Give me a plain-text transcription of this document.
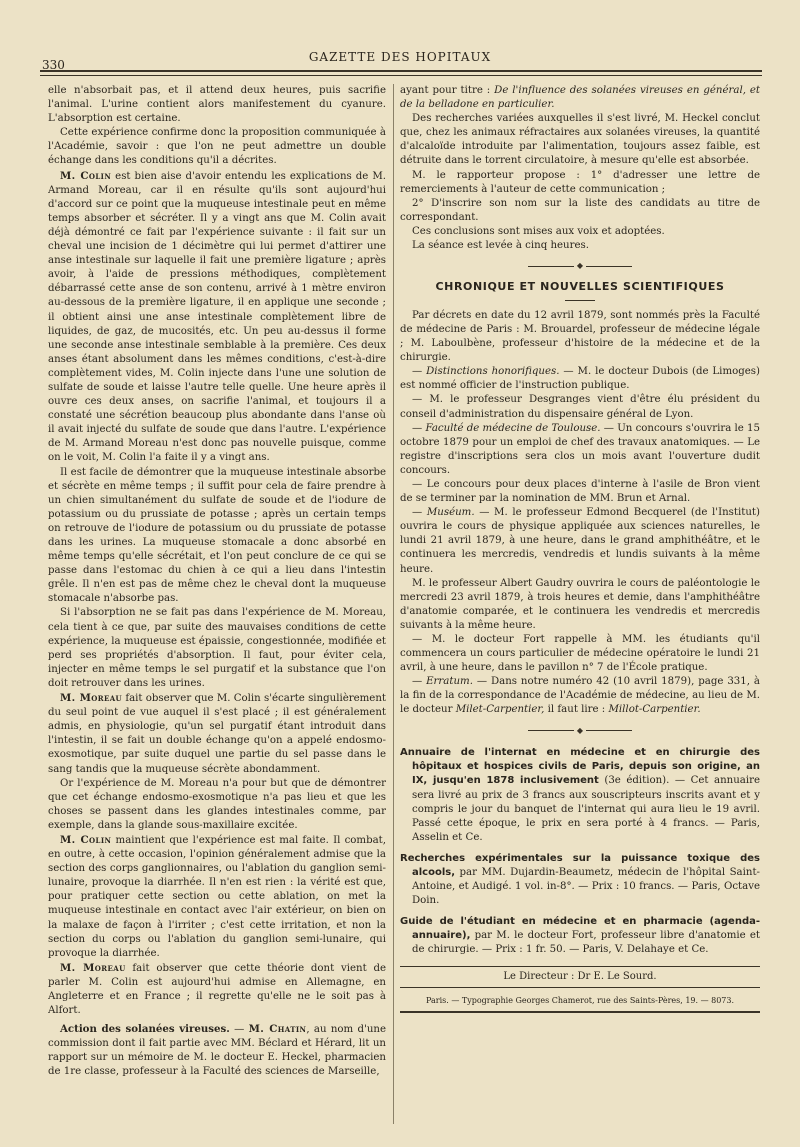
GAZETTE DES HOPITAUX
330

elle n'absorbait pas, et il attend deux heures, puis sacrifie l'animal. L'urine contient alors manifestement du cyanure. L'absorption est certaine.

Cette expérience confirme donc la proposition communiquée à l'Académie, savoir : que l'on ne peut admettre un double échange dans les conditions qu'il a décrites.

M. Colin est bien aise d'avoir entendu les explications de M. Armand Moreau, car il en résulte qu'ils sont aujourd'hui d'accord sur ce point que la muqueuse intestinale peut en même temps absorber et sécréter. Il y a vingt ans que M. Colin avait déjà démontré ce fait par l'expérience suivante : il fait sur un cheval une incision de 1 décimètre qui lui permet d'attirer une anse intestinale sur laquelle il fait une première ligature ; après avoir, à l'aide de pressions méthodiques, complètement débarrassé cette anse de son contenu, arrivé à 1 mètre environ au-dessous de la première ligature, il en applique une seconde ; il obtient ainsi une anse intestinale complètement libre de liquides, de gaz, de mucosités, etc. Un peu au-dessus il forme une seconde anse intestinale semblable à la première. Ces deux anses étant absolument dans les mêmes conditions, c'est-à-dire complètement vides, M. Colin injecte dans l'une une solution de sulfate de soude et laisse l'autre telle quelle. Une heure après il ouvre ces deux anses, on sacrifie l'animal, et toujours il a constaté une sécrétion beaucoup plus abondante dans l'anse où il avait injecté du sulfate de soude que dans l'autre. L'expérience de M. Armand Moreau n'est donc pas nouvelle puisque, comme on le voit, M. Colin l'a faite il y a vingt ans.

Il est facile de démontrer que la muqueuse intestinale absorbe et sécrète en même temps ; il suffit pour cela de faire prendre à un chien simultanément du sulfate de soude et de l'iodure de potassium ou du prussiate de potasse ; après un certain temps on retrouve de l'iodure de potassium ou du prussiate de potasse dans les urines. La muqueuse stomacale a donc absorbé en même temps qu'elle sécrétait, et l'on peut conclure de ce qui se passe dans l'estomac du chien à ce qui a lieu dans l'intestin grêle. Il n'en est pas de même chez le cheval dont la muqueuse stomacale n'absorbe pas.

Si l'absorption ne se fait pas dans l'expérience de M. Moreau, cela tient à ce que, par suite des mauvaises conditions de cette expérience, la muqueuse est épaissie, congestionnée, modifiée et perd ses propriétés d'absorption. Il faut, pour éviter cela, injecter en même temps le sel purgatif et la substance que l'on doit retrouver dans les urines.

M. Moreau fait observer que M. Colin s'écarte singulièrement du seul point de vue auquel il s'est placé ; il est généralement admis, en physiologie, qu'un sel purgatif étant introduit dans l'intestin, il se fait un double échange qu'on a appelé endosmo-exosmotique, par suite duquel une partie du sel passe dans le sang tandis que la muqueuse sécrète abondamment.

Or l'expérience de M. Moreau n'a pour but que de démontrer que cet échange endosmo-exosmotique n'a pas lieu et que les choses se passent dans les glandes intestinales comme, par exemple, dans la glande sous-maxillaire excitée.

M. Colin maintient que l'expérience est mal faite. Il combat, en outre, à cette occasion, l'opinion généralement admise que la section des corps ganglionnaires, ou l'ablation du ganglion semi-lunaire, provoque la diarrhée. Il n'en est rien : la vérité est que, pour pratiquer cette section ou cette ablation, on met la muqueuse intestinale en contact avec l'air extérieur, on bien on la malaxe de façon à l'irriter ; c'est cette irritation, et non la section du corps ou l'ablation du ganglion semi-lunaire, qui provoque la diarrhée.

M. Moreau fait observer que cette théorie dont vient de parler M. Colin est aujourd'hui admise en Allemagne, en Angleterre et en France ; il regrette qu'elle ne le soit pas à Alfort.

Action des solanées vireuses. — M. Chatin, au nom d'une commission dont il fait partie avec MM. Béclard et Hérard, lit un rapport sur un mémoire de M. le docteur E. Heckel, pharmacien de 1re classe, professeur à la Faculté des sciences de Marseille,

ayant pour titre : De l'influence des solanées vireuses en général, et de la belladone en particulier.

Des recherches variées auxquelles il s'est livré, M. Heckel conclut que, chez les animaux réfractaires aux solanées vireuses, la quantité d'alcaloïde introduite par l'alimentation, toujours assez faible, est détruite dans le torrent circulatoire, à mesure qu'elle est absorbée.

M. le rapporteur propose : 1° d'adresser une lettre de remerciements à l'auteur de cette communication ;

2° D'inscrire son nom sur la liste des candidats au titre de correspondant.

Ces conclusions sont mises aux voix et adoptées.

La séance est levée à cinq heures.

◆
CHRONIQUE ET NOUVELLES SCIENTIFIQUES

Par décrets en date du 12 avril 1879, sont nommés près la Faculté de médecine de Paris : M. Brouardel, professeur de médecine légale ; M. Laboulbène, professeur d'histoire de la médecine et de la chirurgie.

— Distinctions honorifiques. — M. le docteur Dubois (de Limoges) est nommé officier de l'instruction publique.

— M. le professeur Desgranges vient d'être élu président du conseil d'administration du dispensaire général de Lyon.

— Faculté de médecine de Toulouse. — Un concours s'ouvrira le 15 octobre 1879 pour un emploi de chef des travaux anatomiques. — Le registre d'inscriptions sera clos un mois avant l'ouverture dudit concours.

— Le concours pour deux places d'interne à l'asile de Bron vient de se terminer par la nomination de MM. Brun et Arnal.

— Muséum. — M. le professeur Edmond Becquerel (de l'Institut) ouvrira le cours de physique appliquée aux sciences naturelles, le lundi 21 avril 1879, à une heure, dans le grand amphithéâtre, et le continuera les mercredis, vendredis et lundis suivants à la même heure.

M. le professeur Albert Gaudry ouvrira le cours de paléontologie le mercredi 23 avril 1879, à trois heures et demie, dans l'amphithéâtre d'anatomie comparée, et le continuera les vendredis et mercredis suivants à la même heure.

— M. le docteur Fort rappelle à MM. les étudiants qu'il commencera un cours particulier de médecine opératoire le lundi 21 avril, à une heure, dans le pavillon n° 7 de l'École pratique.

— Erratum. — Dans notre numéro 42 (10 avril 1879), page 331, à la fin de la correspondance de l'Académie de médecine, au lieu de M. le docteur Milet-Carpentier, il faut lire : Millot-Carpentier.

◆

Annuaire de l'internat en médecine et en chirurgie des hôpitaux et hospices civils de Paris, depuis son origine, an IX, jusqu'en 1878 inclusivement (3e édition). — Cet annuaire sera livré au prix de 3 francs aux souscripteurs inscrits avant et y compris le jour du banquet de l'internat qui aura lieu le 19 avril. Passé cette époque, le prix en sera porté à 4 francs. — Paris, Asselin et Ce.

Recherches expérimentales sur la puissance toxique des alcools, par MM. Dujardin-Beaumetz, médecin de l'hôpital Saint-Antoine, et Audigé. 1 vol. in-8°. — Prix : 10 francs. — Paris, Octave Doin.

Guide de l'étudiant en médecine et en pharmacie (agenda-annuaire), par M. le docteur Fort, professeur libre d'anatomie et de chirurgie. — Prix : 1 fr. 50. — Paris, V. Delahaye et Ce.

Le Directeur : Dr E. Le Sourd.
Paris. — Typographie Georges Chamerot, rue des Saints-Pères, 19. — 8073.
